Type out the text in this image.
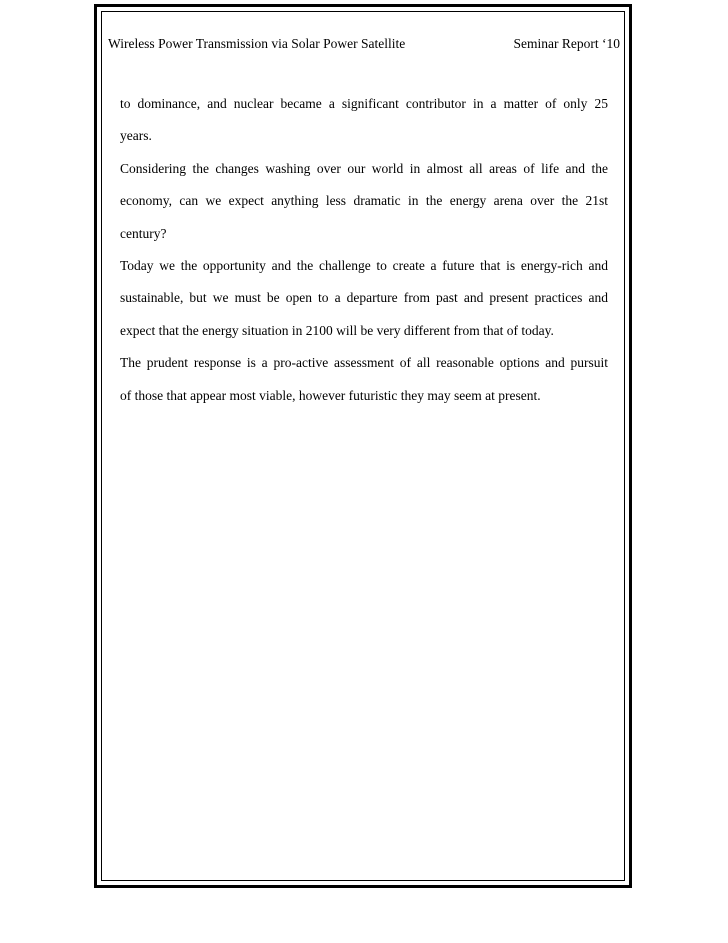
Wireless Power Transmission via Solar Power Satellite	Seminar Report ‘10

to dominance, and nuclear became a significant contributor in a matter of only 25
years.

Considering the changes washing over our world in almost all areas of life and the
economy, can we expect anything less dramatic in the energy arena over the 21st
century?

Today we the opportunity and the challenge to create a future that is energy-rich and
sustainable, but we must be open to a departure from past and present practices and
expect that the energy situation in 2100 will be very different from that of today.

The prudent response is a pro-active assessment of all reasonable options and pursuit
of those that appear most viable, however futuristic they may seem at present.
